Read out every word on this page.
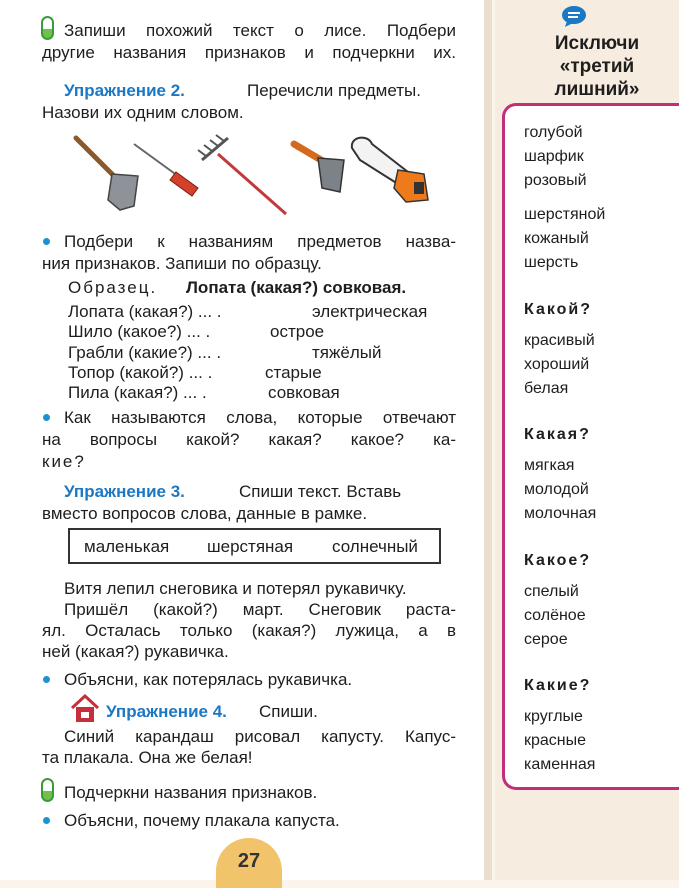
Запиши похожий текст о лисе. Подбери
другие названия признаков и подчеркни их.
Упражнение 2.	Перечисли предметы.
Назови их одним словом.
Подбери к названиям предметов назва-
ния признаков. Запиши по образцу.
Образец. Лопата (какая?) совковая.
Лопата (какая?) ... .	электрическая
Шило (какое?) ... .	острое
Грабли (какие?) ... .	тяжёлый
Топор (какой?) ... .	старые
Пила (какая?) ... .	совковая
Как называются слова, которые отвечают
на вопросы какой? какая? какое? ка-
кие?
Упражнение 3.	Спиши текст. Вставь
вместо вопросов слова, данные в рамке.
маленькая шерстяная солнечный
Витя лепил снеговика и потерял рукавичку.
Пришёл (какой?) март. Снеговик раста-
ял. Осталась только (какая?) лужица, а в
ней (какая?) рукавичка.
Объясни, как потерялась рукавичка.
Упражнение 4. Спиши.
Синий карандаш рисовал капусту. Капус-
та плакала. Она же белая!
Подчеркни названия признаков.
Объясни, почему плакала капуста.
27
Исключи
«третий
лишний»
голубой
шарфик
розовый
шерстяной
кожаный
шерсть
Какой?
красивый
хороший
белая
Какая?
мягкая
молодой
молочная
Какое?
спелый
солёное
серое
Какие?
круглые
красные
каменная
